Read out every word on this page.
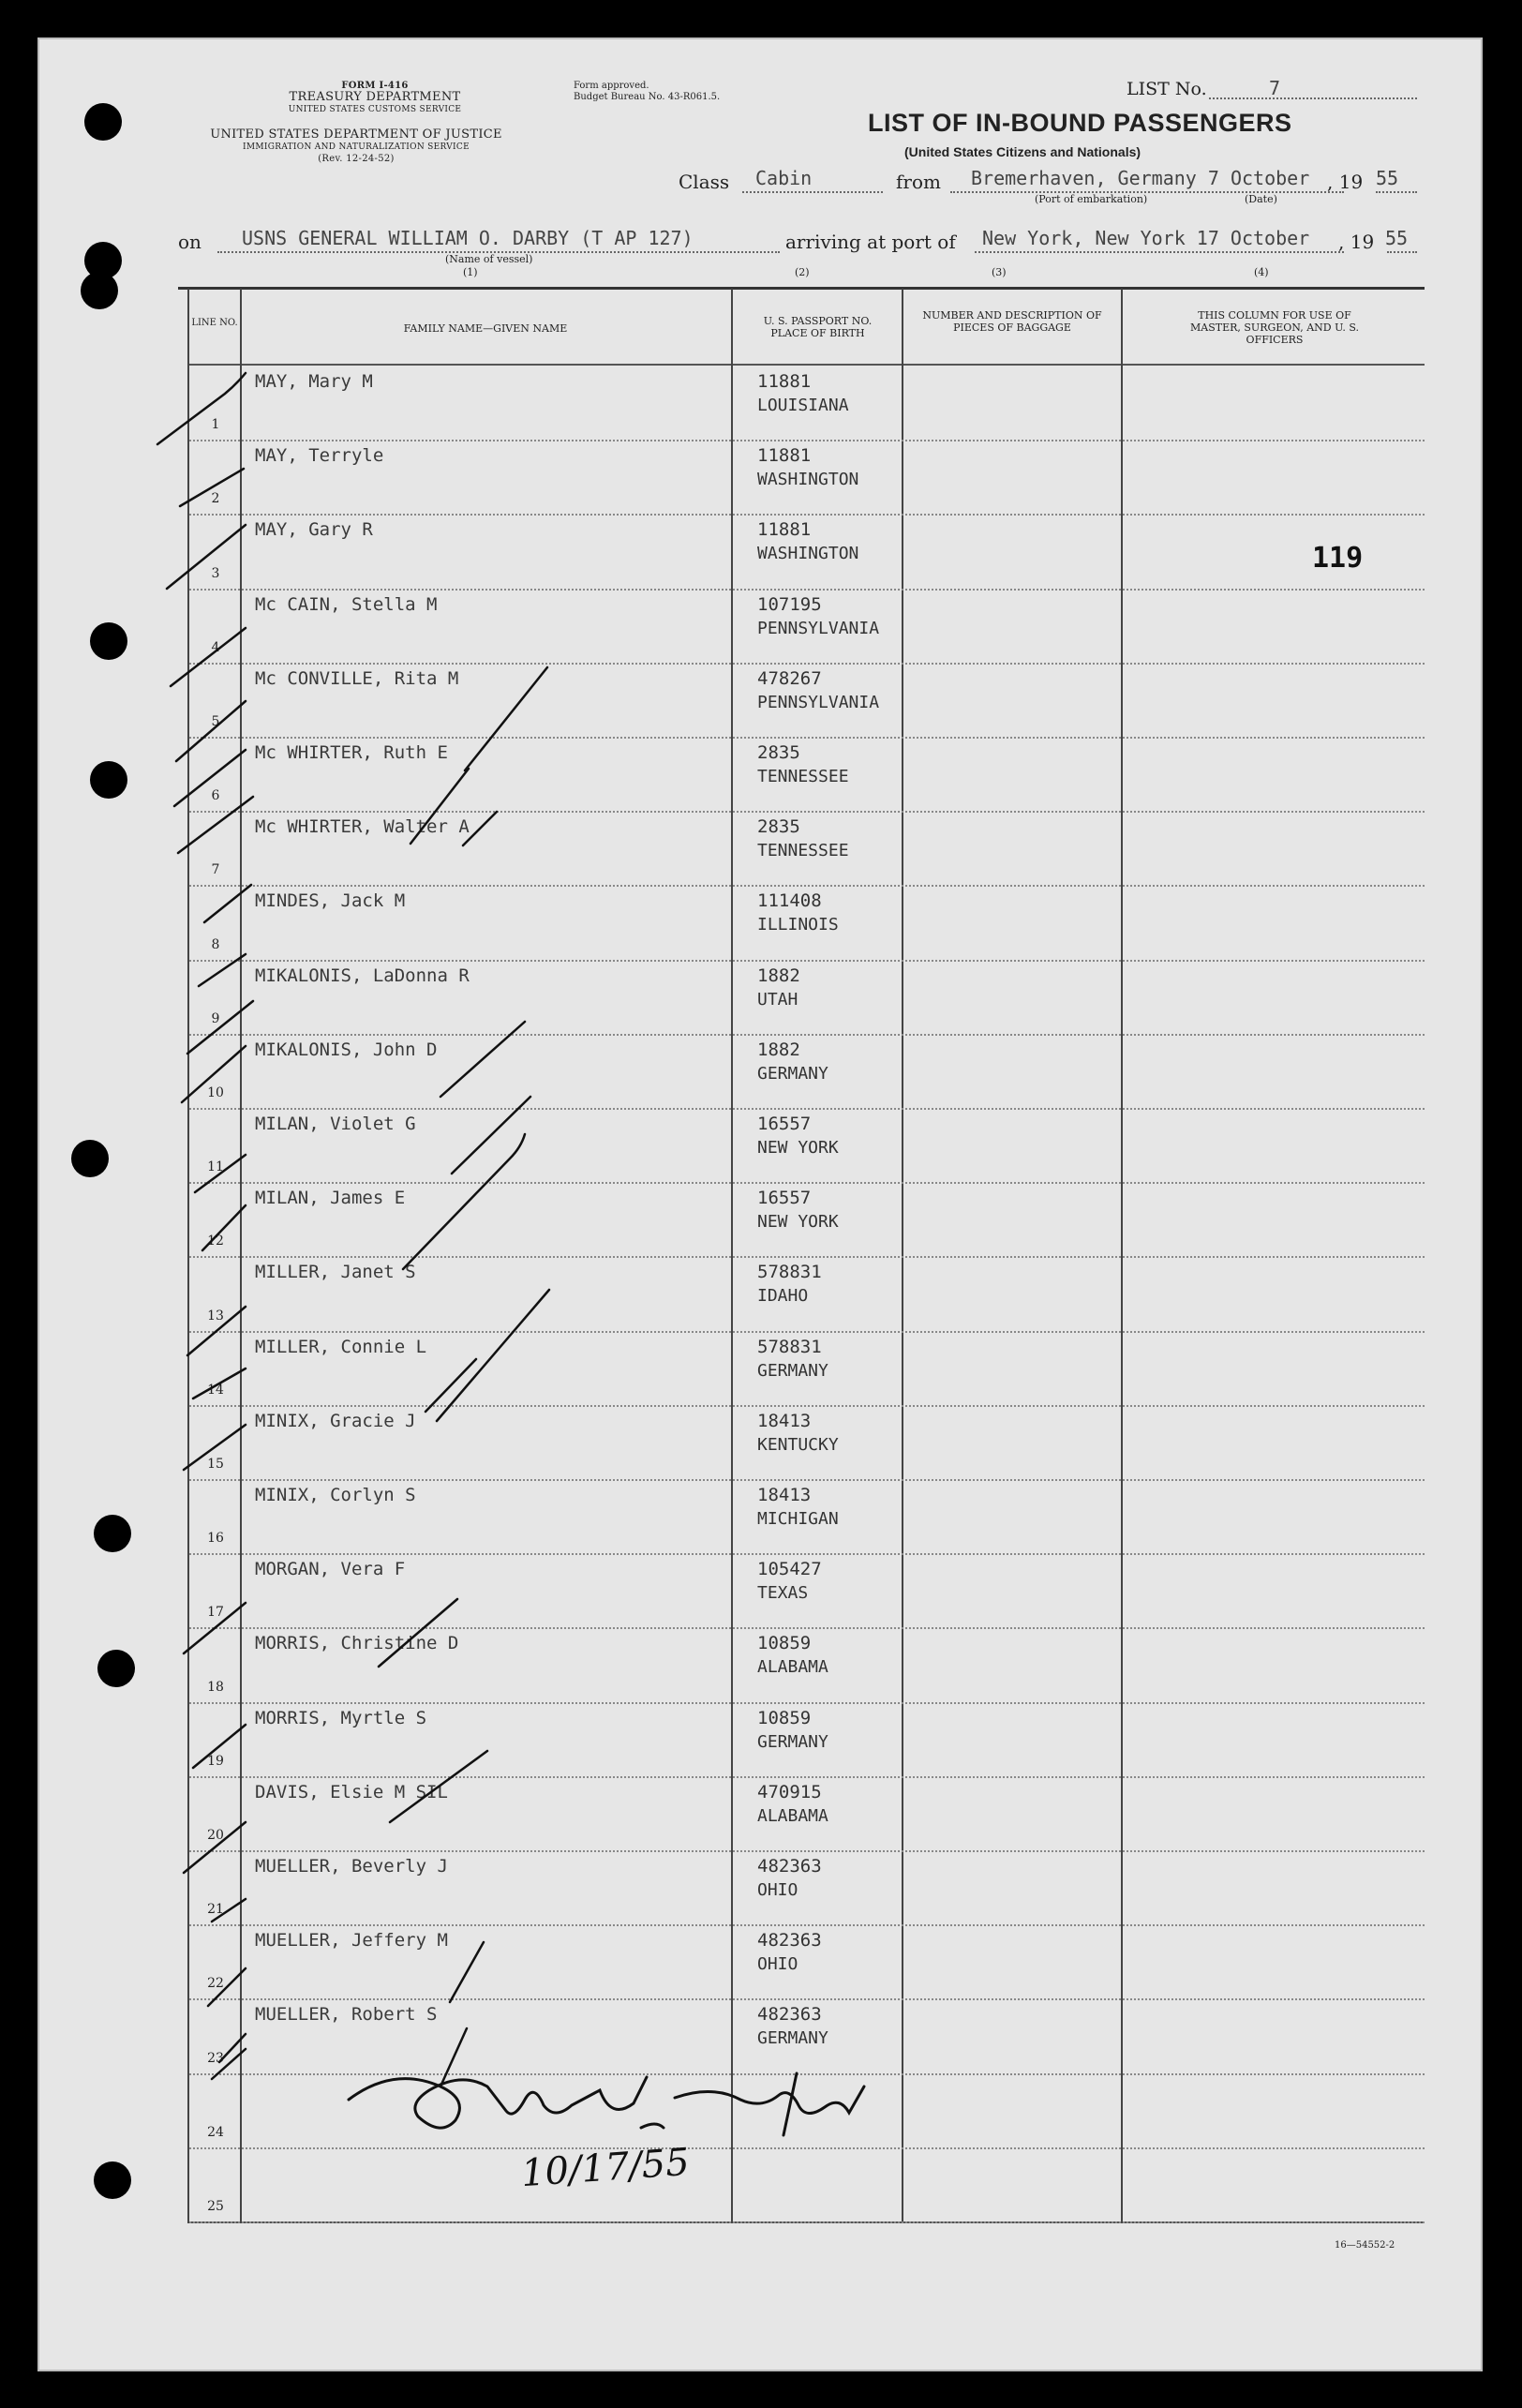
FORM I-416
TREASURY DEPARTMENT
UNITED STATES CUSTOMS SERVICE
UNITED STATES DEPARTMENT OF JUSTICE
IMMIGRATION AND NATURALIZATION SERVICE
(Rev. 12-24-52)
Form approved.
Budget Bureau No. 43-R061.5.	LIST No.	7
LIST OF IN-BOUND PASSENGERS
(United States Citizens and Nationals)
Class Cabin	from Bremerhaven, Germany 7 October , 19 55
(Port of embarkation)	(Date)
on USNS GENERAL WILLIAM O. DARBY (T AP 127)
(Name of vessel)
arriving at port of New York, New York 17 October , 19 55
(1)	(2)	(3)	(4)
LINE NO.	FAMILY NAME—GIVEN NAME
U. S. PASSPORT NO. PLACE OF BIRTH
NUMBER AND DESCRIPTION OF PIECES OF BAGGAGE
THIS COLUMN FOR USE OF MASTER, SURGEON, AND U. S. OFFICERS
1
MAY, Mary M	11881
LOUISIANA
2
MAY, Terryle	11881
WASHINGTON
3
MAY, Gary R	11881
WASHINGTON
4
Mc CAIN, Stella M	107195
PENNSYLVANIA
5
Mc CONVILLE, Rita M	478267
PENNSYLVANIA
6
Mc WHIRTER, Ruth E	2835
TENNESSEE
7
Mc WHIRTER, Walter A	2835
TENNESSEE
8
MINDES, Jack M	111408
ILLINOIS
9
MIKALONIS, LaDonna R	1882
UTAH
10
MIKALONIS, John D	1882
GERMANY
11
MILAN, Violet G	16557
NEW YORK
12
MILAN, James E	16557
NEW YORK
13
MILLER, Janet S	578831
IDAHO
14
MILLER, Connie L	578831
GERMANY
15
MINIX, Gracie J	18413
KENTUCKY
16
MINIX, Corlyn S	18413
MICHIGAN
17
MORGAN, Vera F	105427
TEXAS
18
MORRIS, Christine D	10859
ALABAMA
19
MORRIS, Myrtle S	10859
GERMANY
20
DAVIS, Elsie M SIL	470915
ALABAMA
21
MUELLER, Beverly J	482363
OHIO
22
MUELLER, Jeffery M	482363
OHIO
23
MUELLER, Robert S	482363
GERMANY
24
25
119
10/17/55
16—54552-2
